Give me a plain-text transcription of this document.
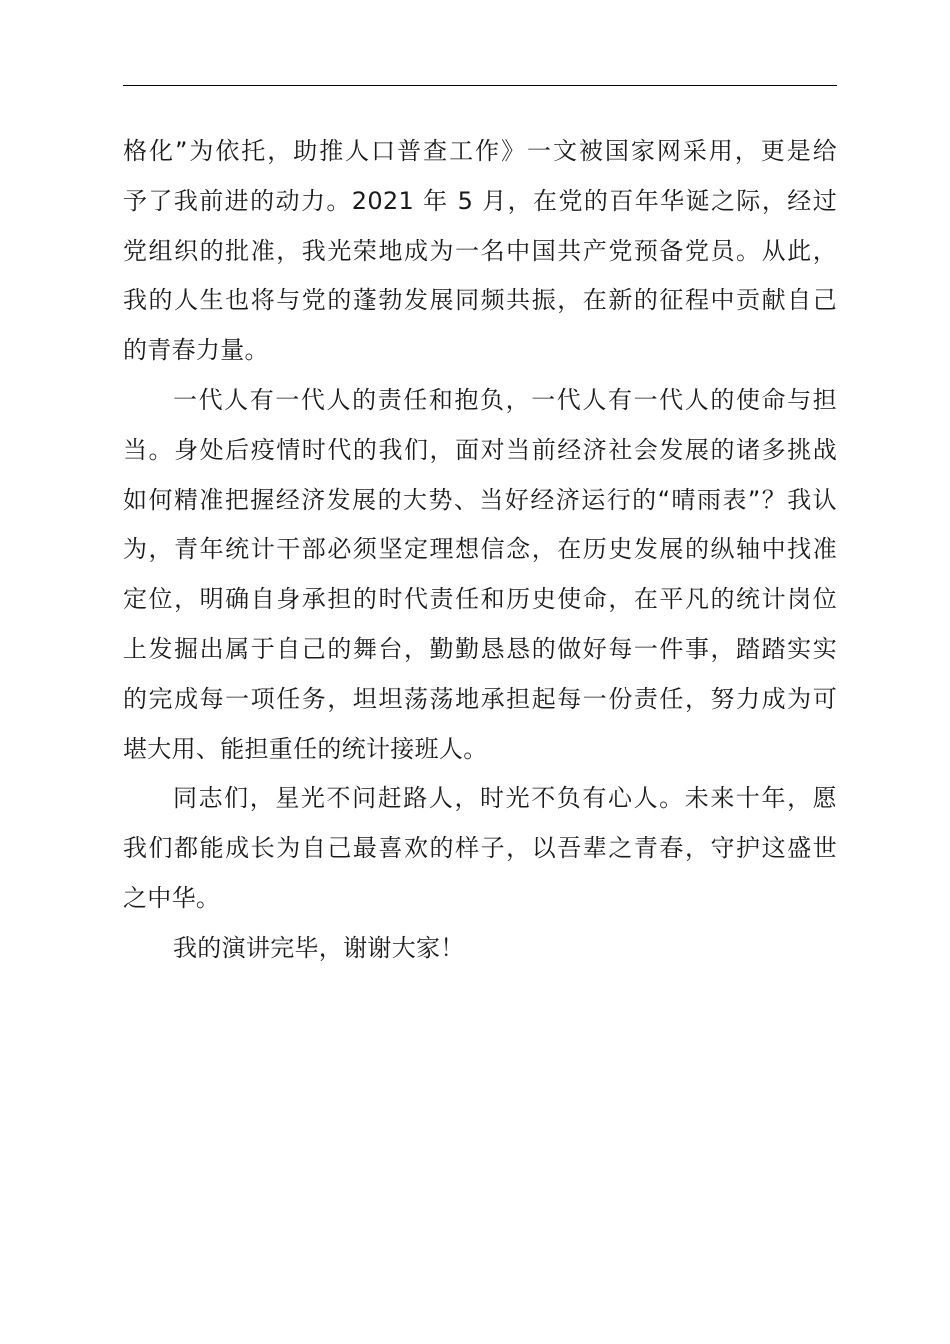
格化”为依托，助推人口普查工作》一文被国家网采用，更是给
予了我前进的动力。2021 年 5 月，在党的百年华诞之际，经过
党组织的批准，我光荣地成为一名中国共产党预备党员。从此，
我的人生也将与党的蓬勃发展同频共振，在新的征程中贡献自己
的青春力量。
一代人有一代人的责任和抱负，一代人有一代人的使命与担
当。身处后疫情时代的我们，面对当前经济社会发展的诸多挑战
如何精准把握经济发展的大势、当好经济运行的“晴雨表”？我认
为，青年统计干部必须坚定理想信念，在历史发展的纵轴中找准
定位，明确自身承担的时代责任和历史使命，在平凡的统计岗位
上发掘出属于自己的舞台，勤勤恳恳的做好每一件事，踏踏实实
的完成每一项任务，坦坦荡荡地承担起每一份责任，努力成为可
堪大用、能担重任的统计接班人。
同志们，星光不问赶路人，时光不负有心人。未来十年，愿
我们都能成长为自己最喜欢的样子，以吾辈之青春，守护这盛世
之中华。
我的演讲完毕，谢谢大家！
